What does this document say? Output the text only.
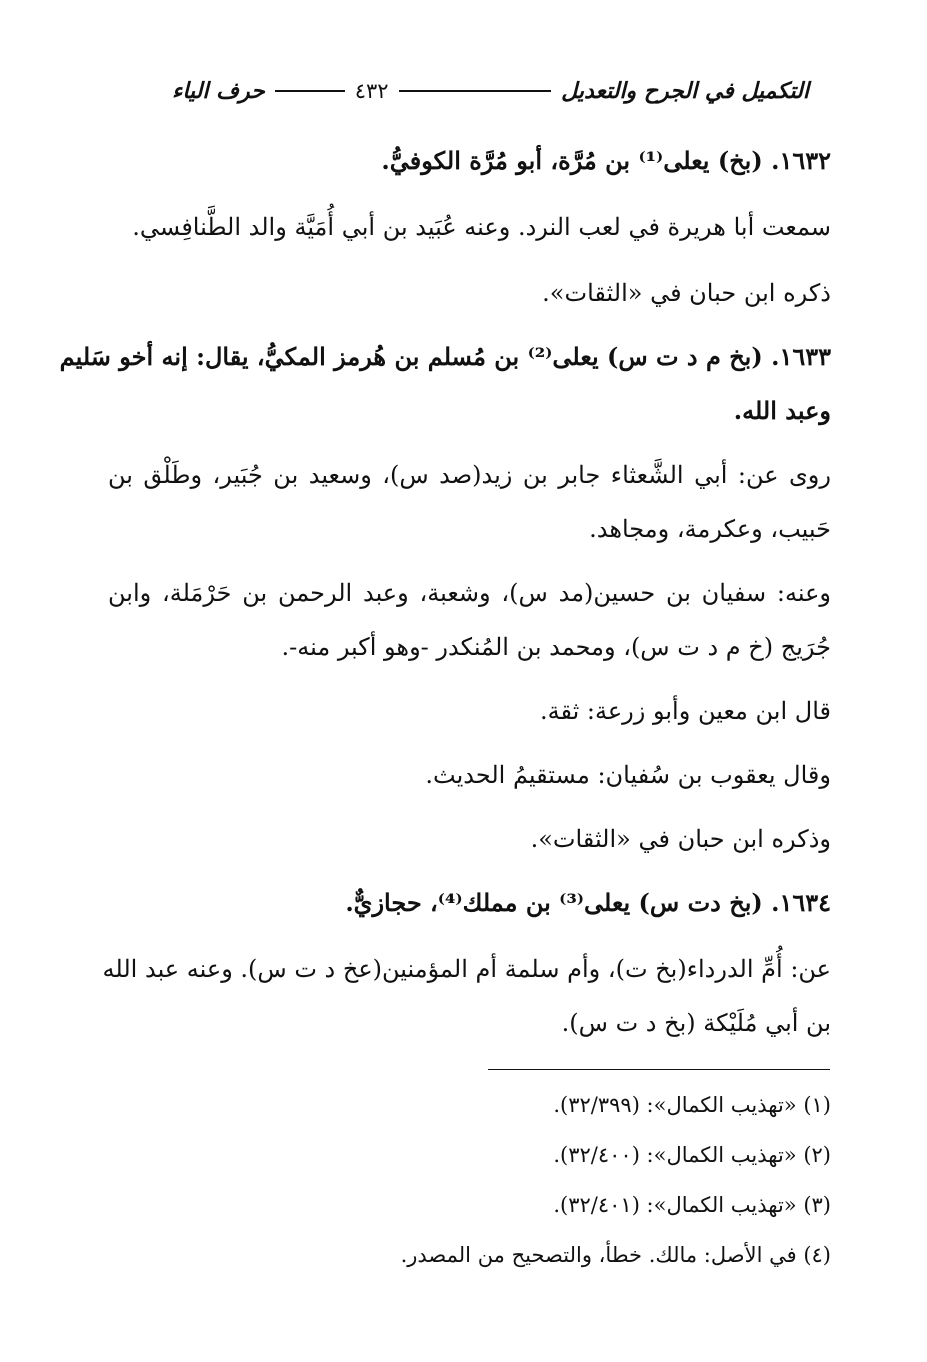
التكميل في الجرح والتعديل
٤٣٢
حرف الياء
١٦٣٢. (بخ) يعلى⁽¹⁾ بن مُرَّة، أبو مُرَّة الكوفيُّ.
سمعت أبا هريرة في لعب النرد. وعنه عُبَيد بن أبي أُمَيَّة والد الطَّنافِسي.
ذكره ابن حبان في «الثقات».
١٦٣٣. (بخ م د ت س) يعلى⁽²⁾ بن مُسلم بن هُرمز المكيُّ، يقال: إنه أخو سَليم
وعبد الله.
روى عن: أبي الشَّعثاء جابر بن زيد(صد س)، وسعيد بن جُبَير، وطَلْق بن
حَبيب، وعكرمة، ومجاهد.
وعنه: سفيان بن حسين(مد س)، وشعبة، وعبد الرحمن بن حَرْمَلة، وابن
جُرَيج (خ م د ت س)، ومحمد بن المُنكدر -وهو أكبر منه-.
قال ابن معين وأبو زرعة: ثقة.
وقال يعقوب بن سُفيان: مستقيمُ الحديث.
وذكره ابن حبان في «الثقات».
١٦٣٤. (بخ دت س) يعلى⁽³⁾ بن مملك⁽⁴⁾، حجازيٌّ.
عن: أُمِّ الدرداء(بخ ت)، وأم سلمة أم المؤمنين(عخ د ت س). وعنه عبد الله
بن أبي مُلَيْكة (بخ د ت س).
(١) «تهذيب الكمال»: (٣٢/٣٩٩).
(٢) «تهذيب الكمال»: (٣٢/٤٠٠).
(٣) «تهذيب الكمال»: (٣٢/٤٠١).
(٤) في الأصل: مالك. خطأ، والتصحيح من المصدر.
